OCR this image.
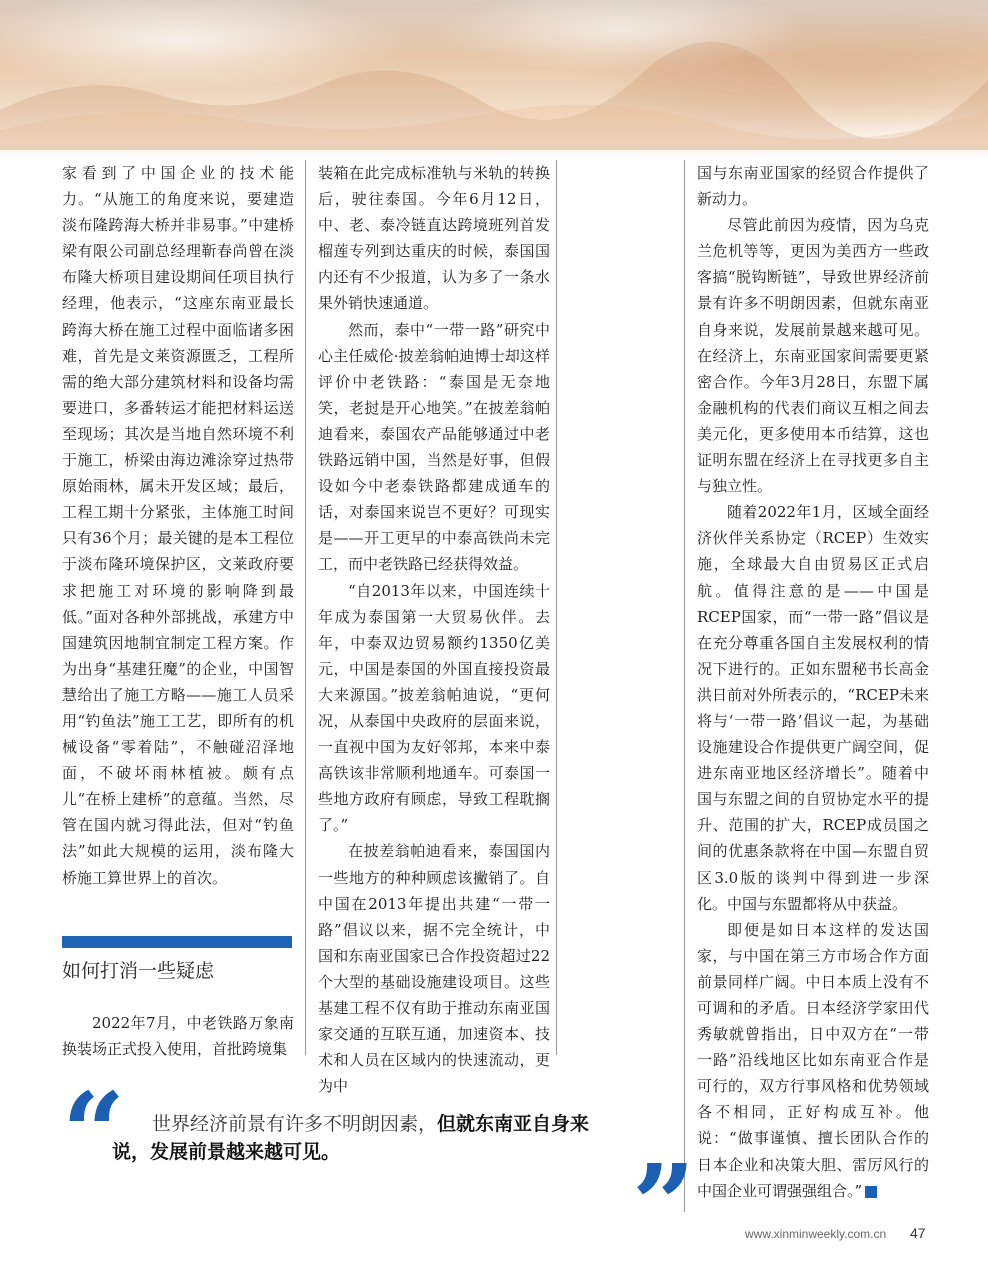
家看到了中国企业的技术能力。“从施工的角度来说，要建造淡布隆跨海大桥并非易事。”中建桥梁有限公司副总经理靳春尚曾在淡布隆大桥项目建设期间任项目执行经理，他表示，“这座东南亚最长跨海大桥在施工过程中面临诸多困难，首先是文莱资源匮乏，工程所需的绝大部分建筑材料和设备均需要进口，多番转运才能把材料运送至现场；其次是当地自然环境不利于施工，桥梁由海边滩涂穿过热带原始雨林，属未开发区域；最后，工程工期十分紧张，主体施工时间只有36个月；最关键的是本工程位于淡布隆环境保护区，文莱政府要求把施工对环境的影响降到最低。”面对各种外部挑战，承建方中国建筑因地制宜制定工程方案。作为出身“基建狂魔”的企业，中国智慧给出了施工方略——施工人员采用“钓鱼法”施工工艺，即所有的机械设备“零着陆”，不触碰沼泽地面，不破坏雨林植被。颇有点儿“在桥上建桥”的意蕴。当然，尽管在国内就习得此法，但对“钓鱼法”如此大规模的运用，淡布隆大桥施工算世界上的首次。

如何打消一些疑虑

2022年7月，中老铁路万象南换装场正式投入使用，首批跨境集

装箱在此完成标准轨与米轨的转换后，驶往泰国。今年6月12日，中、老、泰冷链直达跨境班列首发榴莲专列到达重庆的时候，泰国国内还有不少报道，认为多了一条水果外销快速通道。

然而，泰中“一带一路”研究中心主任威伦·披差翁帕迪博士却这样评价中老铁路：“泰国是无奈地笑，老挝是开心地笑。”在披差翁帕迪看来，泰国农产品能够通过中老铁路远销中国，当然是好事，但假设如今中老泰铁路都建成通车的话，对泰国来说岂不更好？可现实是——开工更早的中泰高铁尚未完工，而中老铁路已经获得效益。

“自2013年以来，中国连续十年成为泰国第一大贸易伙伴。去年，中泰双边贸易额约1350亿美元，中国是泰国的外国直接投资最大来源国。”披差翁帕迪说，“更何况，从泰国中央政府的层面来说，一直视中国为友好邻邦，本来中泰高铁该非常顺利地通车。可泰国一些地方政府有顾虑，导致工程耽搁了。”

在披差翁帕迪看来，泰国国内一些地方的种种顾虑该撇销了。自中国在2013年提出共建“一带一路”倡议以来，据不完全统计，中国和东南亚国家已合作投资超过22个大型的基础设施建设项目。这些基建工程不仅有助于推动东南亚国家交通的互联互通，加速资本、技术和人员在区域内的快速流动，更为中

国与东南亚国家的经贸合作提供了新动力。

尽管此前因为疫情，因为乌克兰危机等等，更因为美西方一些政客搞“脱钩断链”，导致世界经济前景有许多不明朗因素，但就东南亚自身来说，发展前景越来越可见。在经济上，东南亚国家间需要更紧密合作。今年3月28日，东盟下属金融机构的代表们商议互相之间去美元化，更多使用本币结算，这也证明东盟在经济上在寻找更多自主与独立性。

随着2022年1月，区域全面经济伙伴关系协定（RCEP）生效实施，全球最大自由贸易区正式启航。值得注意的是——中国是RCEP国家，而“一带一路”倡议是在充分尊重各国自主发展权利的情况下进行的。正如东盟秘书长高金洪日前对外所表示的，“RCEP未来将与‘一带一路’倡议一起，为基础设施建设合作提供更广阔空间，促进东南亚地区经济增长”。随着中国与东盟之间的自贸协定水平的提升、范围的扩大，RCEP成员国之间的优惠条款将在中国—东盟自贸区3.0版的谈判中得到进一步深化。中国与东盟都将从中获益。

即便是如日本这样的发达国家，与中国在第三方市场合作方面前景同样广阔。中日本质上没有不可调和的矛盾。日本经济学家田代秀敏就曾指出，日中双方在“一带一路”沿线地区比如东南亚合作是可行的，双方行事风格和优势领域各不相同，正好构成互补。他说：“做事谨慎、擅长团队合作的日本企业和决策大胆、雷厉风行的中国企业可谓强强组合。”	民

“	世界经济前景有许多不明朗因素，但就东南亚自身来
说，发展前景越来越可见。	”	www.xinminweekly.com.cn 47
